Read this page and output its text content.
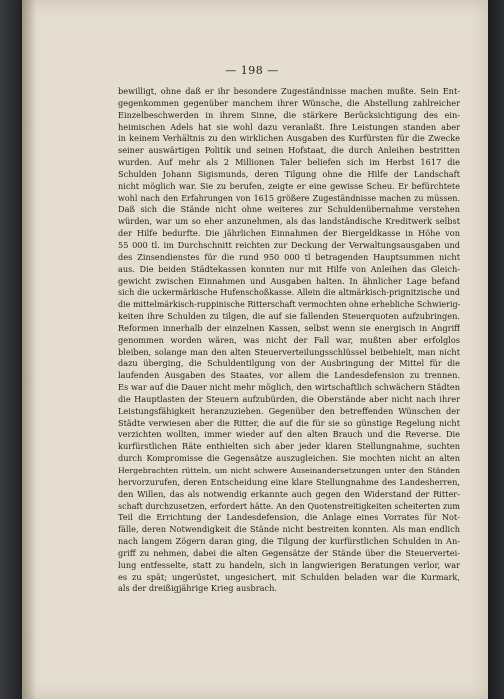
— 198 —
bewilligt, ohne daß er ihr besondere Zugeständnisse machen mußte. Sein Ent-
gegenkommen gegenüber manchem ihrer Wünsche, die Abstellung zahlreicher
Einzelbeschwerden in ihrem Sinne, die stärkere Berücksichtigung des ein-
heimischen Adels hat sie wohl dazu veranlaßt. Ihre Leistungen standen aber
in keinem Verhältnis zu den wirklichen Ausgaben des Kurfürsten für die Zwecke
seiner auswärtigen Politik und seinen Hofstaat, die durch Anleihen bestritten
wurden. Auf mehr als 2 Millionen Taler beliefen sich im Herbst 1617 die
Schulden Johann Sigismunds, deren Tilgung ohne die Hilfe der Landschaft
nicht möglich war. Sie zu berufen, zeigte er eine gewisse Scheu. Er befürchtete
wohl nach den Erfahrungen von 1615 größere Zugeständnisse machen zu müssen.
Daß sich die Stände nicht ohne weiteres zur Schuldenübernahme verstehen
würden, war um so eher anzunehmen, als das landständische Kreditwerk selbst
der Hilfe bedurfte. Die jährlichen Einnahmen der Biergeldkasse in Höhe von
55 000 tl. im Durchschnitt reichten zur Deckung der Verwaltungsausgaben und
des Zinsendienstes für die rund 950 000 tl betragenden Hauptsummen nicht
aus. Die beiden Städtekassen konnten nur mit Hilfe von Anleihen das Gleich-
gewicht zwischen Einnahmen und Ausgaben halten. In ähnlicher Lage befand
sich die uckermärkische Hufenschoßkasse. Allein die altmärkisch-prignitzische und
die mittelmärkisch-ruppinische Ritterschaft vermochten ohne erhebliche Schwierig-
keiten ihre Schulden zu tilgen, die auf sie fallenden Steuerquoten aufzubringen.
Reformen innerhalb der einzelnen Kassen, selbst wenn sie energisch in Angriff
genommen worden wären, was nicht der Fall war, mußten aber erfolglos
bleiben, solange man den alten Steuerverteilungsschlüssel beibehielt, man nicht
dazu überging, die Schuldentilgung von der Ausbringung der Mittel für die
laufenden Ausgaben des Staates, vor allem die Landesdefension zu trennen.
Es war auf die Dauer nicht mehr möglich, den wirtschaftlich schwächern Städten
die Hauptlasten der Steuern aufzubürden, die Oberstände aber nicht nach ihrer
Leistungsfähigkeit heranzuziehen. Gegenüber den betreffenden Wünschen der
Städte verwiesen aber die Ritter, die auf die für sie so günstige Regelung nicht
verzichten wollten, immer wieder auf den alten Brauch und die Reverse. Die
kurfürstlichen Räte enthielten sich aber jeder klaren Stellungnahme, suchten
durch Kompromisse die Gegensätze auszugleichen. Sie mochten nicht an alten
Hergebrachten rütteln, um nicht schwere Auseinandersetzungen unter den Ständen
hervorzurufen, deren Entscheidung eine klare Stellungnahme des Landesherren,
den Willen, das als notwendig erkannte auch gegen den Widerstand der Ritter-
schaft durchzusetzen, erfordert hätte. An den Quotenstreitigkeiten scheiterten zum
Teil die Errichtung der Landesdefension, die Anlage eines Vorrates für Not-
fälle, deren Notwendigkeit die Stände nicht bestreiten konnten. Als man endlich
nach langem Zögern daran ging, die Tilgung der kurfürstlichen Schulden in An-
griff zu nehmen, dabei die alten Gegensätze der Stände über die Steuervertei-
lung entfesselte, statt zu handeln, sich in langwierigen Beratungen verlor, war
es zu spät; ungerüstet, ungesichert, mit Schulden beladen war die Kurmark,
als der dreißigjährige Krieg ausbrach.
